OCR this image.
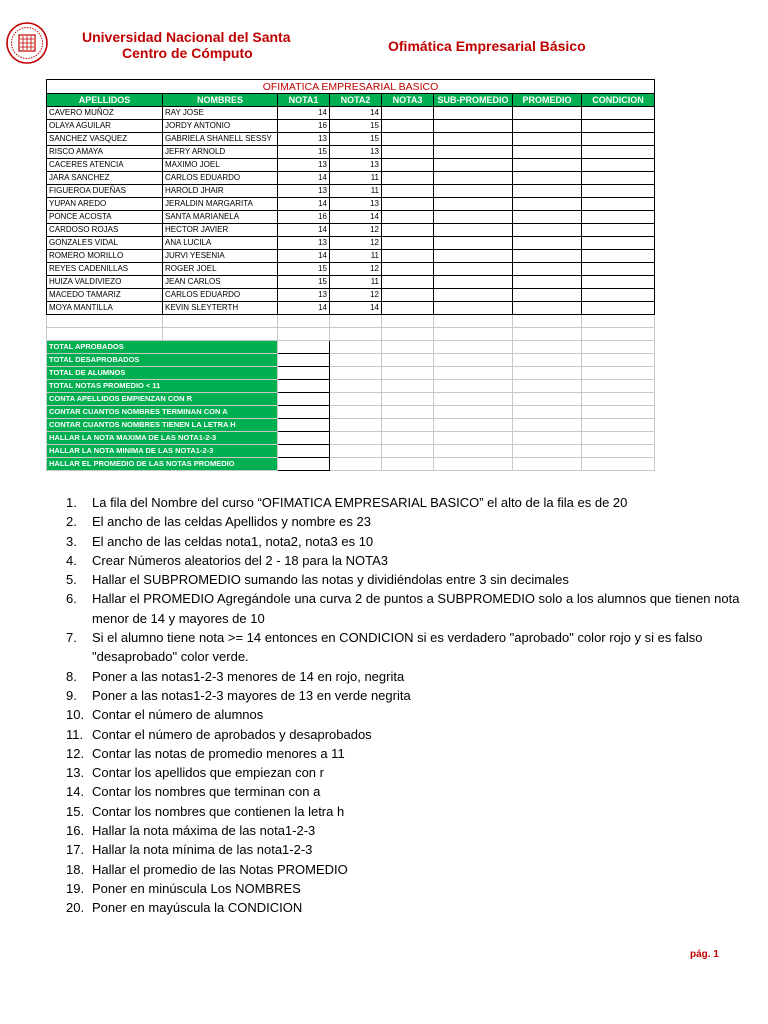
Universidad Nacional del Santa
Centro de Cómputo	Ofimática Empresarial Básico
OFIMATICA EMPRESARIAL BASICO							
APELLIDOS	NOMBRES	NOTA1	NOTA2	NOTA3	SUB-PROMEDIO	PROMEDIO	CONDICION
CAVERO MUÑOZ	RAY JOSE	14	14				
OLAYA AGUILAR	JORDY ANTONIO	16	15				
SANCHEZ VASQUEZ	GABRIELA SHANELL SESSY	13	15				
RISCO AMAYA	JEFRY ARNOLD	15	13				
CACERES ATENCIA	MAXIMO JOEL	13	13				
JARA SANCHEZ	CARLOS EDUARDO	14	11				
FIGUEROA DUEÑAS	HAROLD JHAIR	13	11				
YUPAN AREDO	JERALDIN MARGARITA	14	13				
PONCE ACOSTA	SANTA MARIANELA	16	14				
CARDOSO ROJAS	HECTOR JAVIER	14	12				
GONZALES VIDAL	ANA LUCILA	13	12				
ROMERO MORILLO	JURVI YESENIA	14	11				
REYES CADENILLAS	ROGER JOEL	15	12				
HUIZA VALDIVIEZO	JEAN CARLOS	15	11				
MACEDO TAMARIZ	CARLOS EDUARDO	13	12				
MOYA MANTILLA	KEVIN SLEYTERTH	14	14				

TOTAL APROBADOS							
TOTAL DESAPROBADOS							
TOTAL DE ALUMNOS							
TOTAL NOTAS PROMEDIO < 11							
CONTA APELLIDOS EMPIENZAN CON R							
CONTAR CUANTOS NOMBRES TERMINAN CON A							
CONTAR CUANTOS NOMBRES TIENEN LA LETRA H							
HALLAR LA NOTA MAXIMA DE LAS NOTA1-2-3							
HALLAR LA NOTA MINIMA DE LAS NOTA1-2-3							
HALLAR EL PROMEDIO DE LAS NOTAS PROMEDIO							
1. La fila del Nombre del curso “OFIMATICA EMPRESARIAL BASICO” el alto de la fila es de 20
2. El ancho de las celdas Apellidos y nombre es 23
3. El ancho de las celdas nota1, nota2, nota3 es 10
4. Crear Números aleatorios del 2 - 18 para la NOTA3
5. Hallar el SUBPROMEDIO sumando las notas y dividiéndolas entre 3 sin decimales
6. Hallar el PROMEDIO Agregándole una curva 2 de puntos a SUBPROMEDIO solo a los alumnos que tienen nota menor de 14 y mayores de 10
7. Si el alumno tiene nota >= 14 entonces en CONDICION si es verdadero "aprobado" color rojo y si es falso "desaprobado" color verde.
8. Poner a las notas1-2-3 menores de 14 en rojo, negrita
9. Poner a las notas1-2-3 mayores de 13 en verde negrita
10. Contar el número de alumnos
11. Contar el número de aprobados y desaprobados
12. Contar las notas de promedio menores a 11
13. Contar los apellidos que empiezan con r
14. Contar los nombres que terminan con a
15. Contar los nombres que contienen la letra h
16. Hallar la nota máxima de las nota1-2-3
17. Hallar la nota mínima de las nota1-2-3
18. Hallar el promedio de las Notas PROMEDIO
19. Poner en minúscula Los NOMBRES
20. Poner en mayúscula la CONDICION
pág. 1
